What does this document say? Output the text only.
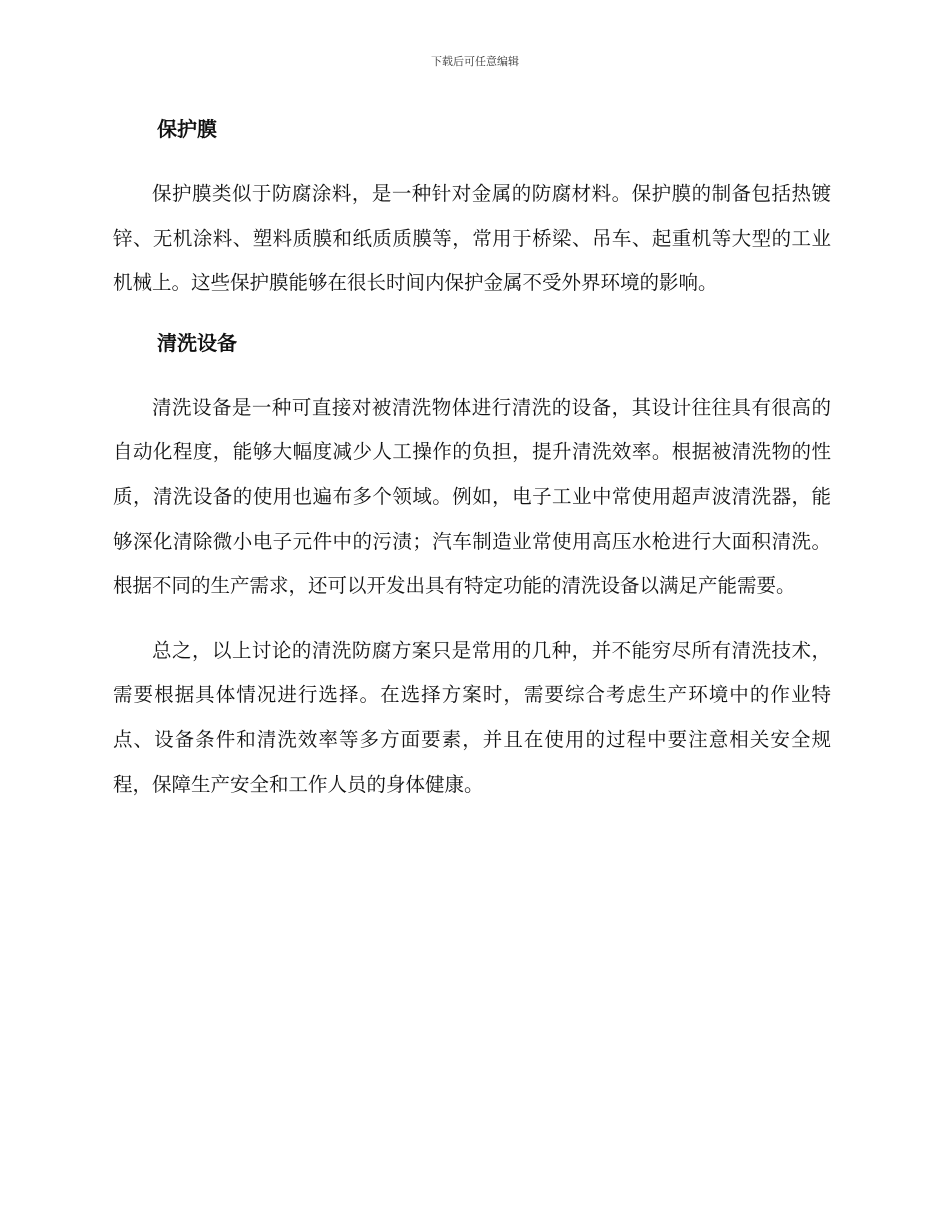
下载后可任意编辑
保护膜

保护膜类似于防腐涂料，是一种针对金属的防腐材料。保护膜的制备包括热镀锌、无机涂料、塑料质膜和纸质质膜等，常用于桥梁、吊车、起重机等大型的工业机械上。这些保护膜能够在很长时间内保护金属不受外界环境的影响。

清洗设备

清洗设备是一种可直接对被清洗物体进行清洗的设备，其设计往往具有很高的自动化程度，能够大幅度减少人工操作的负担，提升清洗效率。根据被清洗物的性质，清洗设备的使用也遍布多个领域。例如，电子工业中常使用超声波清洗器，能够深化清除微小电子元件中的污渍；汽车制造业常使用高压水枪进行大面积清洗。根据不同的生产需求，还可以开发出具有特定功能的清洗设备以满足产能需要。

总之，以上讨论的清洗防腐方案只是常用的几种，并不能穷尽所有清洗技术，需要根据具体情况进行选择。在选择方案时，需要综合考虑生产环境中的作业特点、设备条件和清洗效率等多方面要素，并且在使用的过程中要注意相关安全规程，保障生产安全和工作人员的身体健康。
